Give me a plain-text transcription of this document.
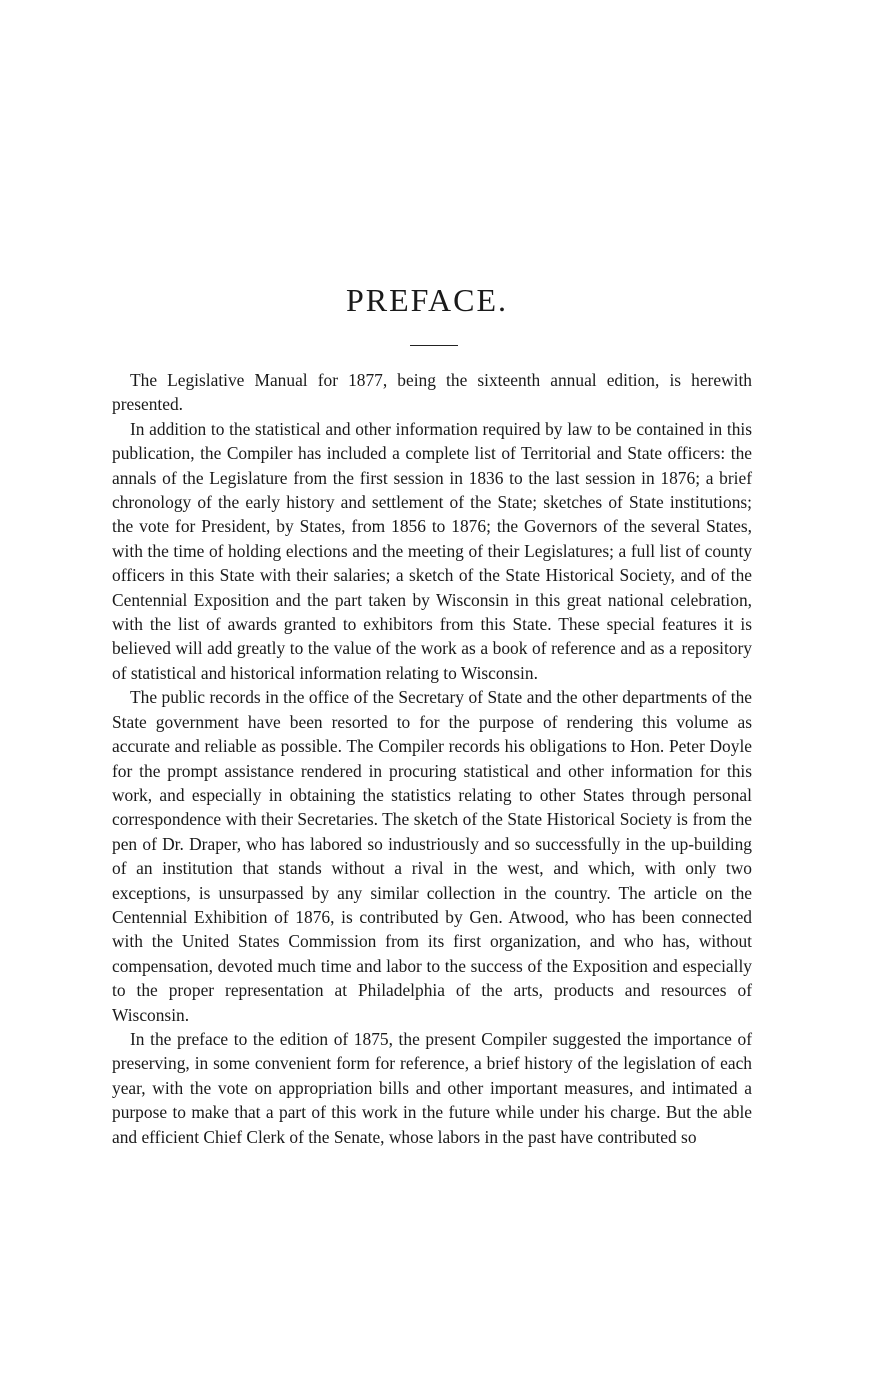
PREFACE.

The Legislative Manual for 1877, being the sixteenth annual edition, is herewith presented.

In addition to the statistical and other information required by law to be contained in this publication, the Compiler has included a complete list of Territorial and State officers: the annals of the Legislature from the first session in 1836 to the last session in 1876; a brief chronology of the early history and settlement of the State; sketches of State institutions; the vote for President, by States, from 1856 to 1876; the Governors of the several States, with the time of holding elections and the meeting of their Legislatures; a full list of county officers in this State with their salaries; a sketch of the State Historical Society, and of the Centennial Exposition and the part taken by Wisconsin in this great national celebration, with the list of awards granted to exhibitors from this State. These special features it is believed will add greatly to the value of the work as a book of reference and as a repository of statistical and historical information relating to Wisconsin.

The public records in the office of the Secretary of State and the other departments of the State government have been resorted to for the purpose of rendering this volume as accurate and reliable as possible. The Compiler records his obligations to Hon. Peter Doyle for the prompt assistance rendered in procuring statistical and other information for this work, and especially in obtaining the statistics relating to other States through personal correspondence with their Secretaries. The sketch of the State Historical Society is from the pen of Dr. Draper, who has labored so industriously and so successfully in the up-building of an institution that stands without a rival in the west, and which, with only two exceptions, is unsurpassed by any similar collection in the country. The article on the Centennial Exhibition of 1876, is contributed by Gen. Atwood, who has been connected with the United States Commission from its first organization, and who has, without compensation, devoted much time and labor to the success of the Exposition and especially to the proper representation at Philadelphia of the arts, products and resources of Wisconsin.

In the preface to the edition of 1875, the present Compiler suggested the importance of preserving, in some convenient form for reference, a brief history of the legislation of each year, with the vote on appropriation bills and other important measures, and intimated a purpose to make that a part of this work in the future while under his charge. But the able and efficient Chief Clerk of the Senate, whose labors in the past have contributed so
